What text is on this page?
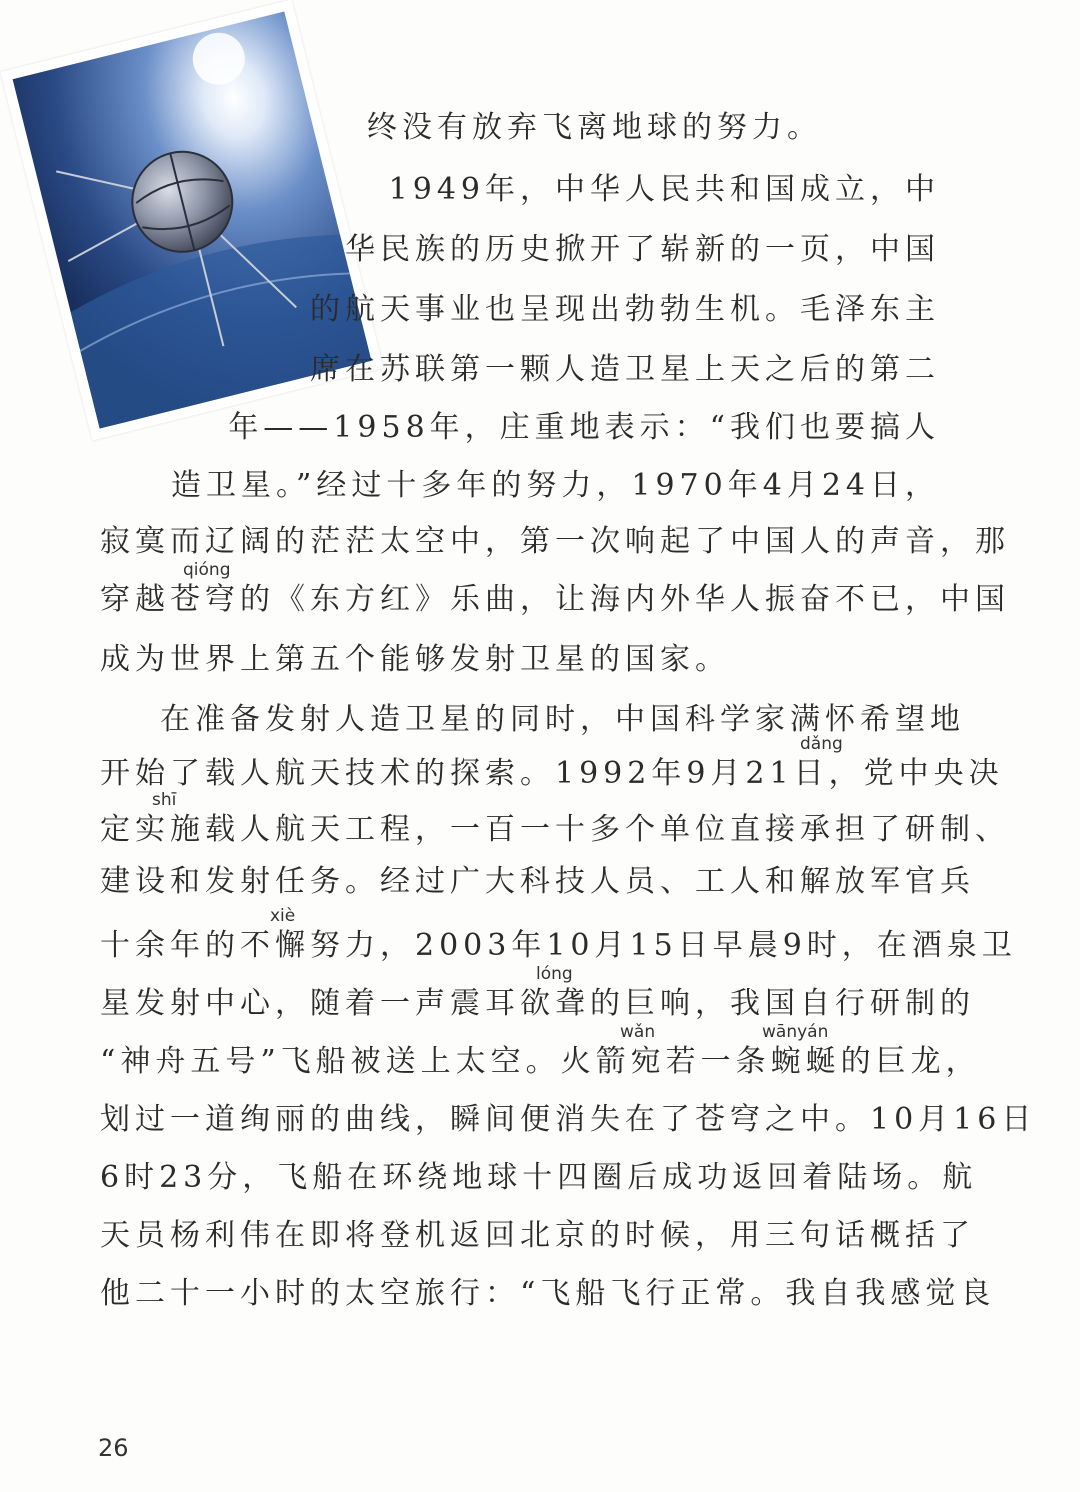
终没有放弃飞离地球的努力。
1949年，中华人民共和国成立，中
华民族的历史掀开了崭新的一页，中国
的航天事业也呈现出勃勃生机。毛泽东主
席在苏联第一颗人造卫星上天之后的第二
年——1958年，庄重地表示：“我们也要搞人
造卫星。”经过十多年的努力，1970年4月24日，
寂寞而辽阔的茫茫太空中，第一次响起了中国人的声音，那
qióng
穿越苍穹的《东方红》乐曲，让海内外华人振奋不已，中国
成为世界上第五个能够发射卫星的国家。
在准备发射人造卫星的同时，中国科学家满怀希望地
dǎng
开始了载人航天技术的探索。1992年9月21日，党中央决
shī
定实施载人航天工程，一百一十多个单位直接承担了研制、
建设和发射任务。经过广大科技人员、工人和解放军官兵
xiè
十余年的不懈努力，2003年10月15日早晨9时，在酒泉卫
lóng
星发射中心，随着一声震耳欲聋的巨响，我国自行研制的
wǎn	wānyán
“神舟五号”飞船被送上太空。火箭宛若一条蜿蜒的巨龙，
划过一道绚丽的曲线，瞬间便消失在了苍穹之中。10月16日
6时23分，飞船在环绕地球十四圈后成功返回着陆场。航
天员杨利伟在即将登机返回北京的时候，用三句话概括了
他二十一小时的太空旅行：“飞船飞行正常。我自我感觉良
26
